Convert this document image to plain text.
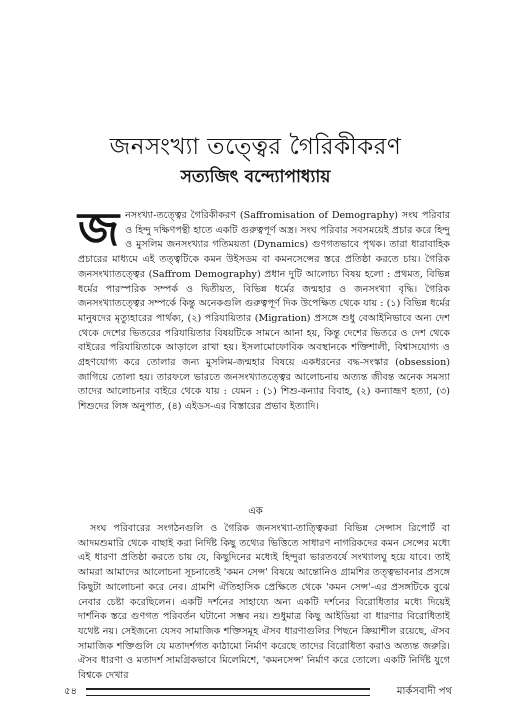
জনসংখ্যা তত্ত্বের গৈরিকীকরণ
সত্যজিৎ বন্দ্যোপাধ্যায়

জনসংখ্যা-তত্ত্বের গৈরিকীকরণ (Saffromisation of Demography) সংঘ পরিবার ও হিন্দু দক্ষিণপন্থী হাতে একটি গুরুত্বপূর্ণ অস্ত্র। সংঘ পরিবার সবসময়েই প্রচার করে হিন্দু ও মুসলিম জনসংখ্যার গতিময়তা (Dynamics) গুণগতভাবে পৃথক। তারা ধারাবাহিক প্রচারের মাধ্যমে এই তত্ত্বটিকে কমন উইসডম বা কমনসেন্সের স্তরে প্রতিষ্ঠা করতে চায়। গৈরিক জনসংখ্যাতত্ত্বের (Saffrom Demography) প্রধান দুটি আলোচ্য বিষয় হলো : প্রথমত, বিভিন্ন ধর্মের পারস্পরিক সম্পর্ক ও দ্বিতীয়ত, বিভিন্ন ধর্মের জন্মহার ও জনসংখ্যা বৃদ্ধি। গৈরিক জনসংখ্যাতত্ত্বের সম্পর্কে কিন্তু অনেকগুলি গুরুত্বপূর্ণ দিক উপেক্ষিত থেকে যায় : (১) বিভিন্ন ধর্মের মানুষদের মৃত্যুহারের পার্থক্য, (২) পরিযায়িতার (Migration) প্রসঙ্গে শুধু বেআইনিভাবে অন্য দেশ থেকে দেশের ভিতরের পরিযায়িতার বিষয়টিকে সামনে আনা হয়, কিন্তু দেশের ভিতরে ও দেশ থেকে বাইরের পরিযায়িতাকে আড়ালে রাখা হয়। ইসলামোফোবিক অবস্থানকে শক্তিশালী, বিশ্বাসযোগ্য ও গ্রহণযোগ্য করে তোলার জন্য মুসলিম-জন্মহার বিষয়ে একধরনের বদ্ধ-সংস্কার (obsession) জাগিয়ে তোলা হয়। তারফলে ভারতে জনসংখ্যাতত্ত্বের আলোচনায় অত্যন্ত জীবন্ত অনেক সমস্যা তাদের আলোচনার বাইরে থেকে যায় : যেমন : (১) শিশু-কন্যার বিবাহ, (২) কন্যাভ্রূণ হত্যা, (৩) শিশুদের লিঙ্গ অনুপাত, (৪) এইডস-এর বিস্তারের প্রভাব ইত্যাদি।

এক

সংঘ পরিবারের সংগঠনগুলি ও গৈরিক জনসংখ্যা-তাত্ত্বিকরা বিভিন্ন সেন্সাস রিপোর্ট বা আদমশুমারি থেকে বাছাই করা নির্দিষ্ট কিছু তথ্যের ভিত্তিতে সাধারণ নাগরিকদের কমন সেন্সের মধ্যে এই ধারণা প্রতিষ্ঠা করতে চায় যে, কিছুদিনের মধ্যেই হিন্দুরা ভারতবর্ষে সংখ্যালঘু হয়ে যাবে। তাই আমরা আমাদের আলোচনা সূচনাতেই 'কমন সেন্স' বিষয়ে আন্তোনিও গ্রামশির তত্ত্বভাবনার প্রসঙ্গে কিছুটা আলোচনা করে নেব। গ্রামশি ঐতিহাসিক প্রেক্ষিতে থেকে 'কমন সেন্স'-এর প্রসঙ্গটিকে বুঝে নেবার চেষ্টা করেছিলেন। একটি দর্শনের সাহায্যে অন্য একটি দর্শনের বিরোধিতার মধ্যে দিয়েই দার্শনিক স্তরে গুণগত পরিবর্তন ঘটানো সম্ভব নয়। শুধুমাত্র কিছু আইডিয়া বা ধারণার বিরোধিতাই যথেষ্ট নয়। সেইজন্যে যেসব সামাজিক শক্তিসমূহ ঐসব ধারণাগুলির পিছনে ক্রিয়াশীল রয়েছে, ঐসব সামাজিক শক্তিগুলি যে মতাদর্শগত কাঠামো নির্মাণ করেছে তাদের বিরোধিতা করাও অত্যন্ত জরুরি। ঐসব ধারণা ও মতাদর্শ সামগ্রিকভাবে মিলেমিশে, 'কমনসেন্স' নির্মাণ করে তোলে। একটি নির্দিষ্ট যুগে বিশ্বকে দেখার

৫৪	মার্কসবাদী পথ
